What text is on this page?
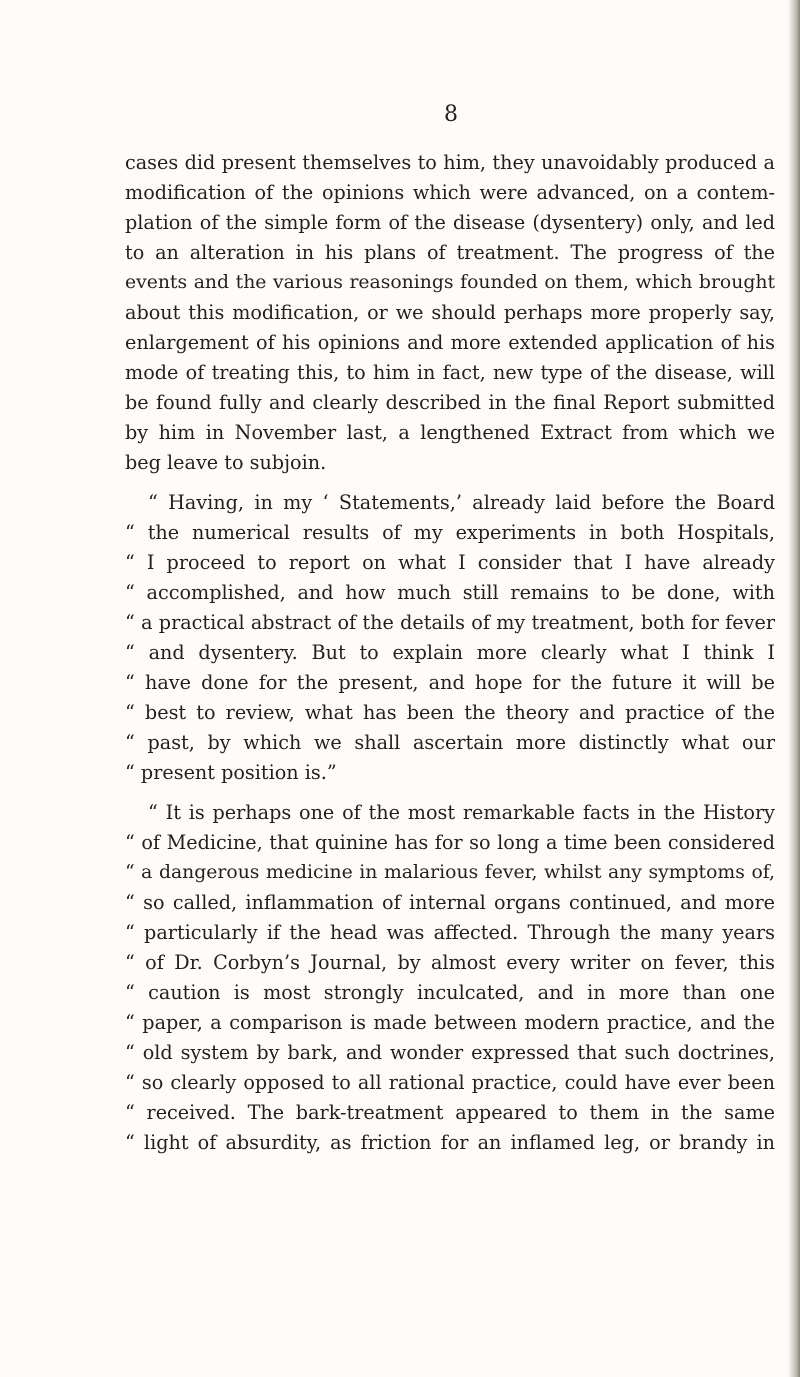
8
cases did present themselves to him, they unavoidably produced a
modification of the opinions which were advanced, on a contem-
plation of the simple form of the disease (dysentery) only, and led
to an alteration in his plans of treatment. The progress of the
events and the various reasonings founded on them, which brought
about this modification, or we should perhaps more properly say,
enlargement of his opinions and more extended application of his
mode of treating this, to him in fact, new type of the disease, will
be found fully and clearly described in the final Report submitted
by him in November last, a lengthened Extract from which we
beg leave to subjoin.
“ Having, in my ‘ Statements,’ already laid before the Board
“ the numerical results of my experiments in both Hospitals,
“ I proceed to report on what I consider that I have already
“ accomplished, and how much still remains to be done, with
“ a practical abstract of the details of my treatment, both for fever
“ and dysentery. But to explain more clearly what I think I
“ have done for the present, and hope for the future it will be
“ best to review, what has been the theory and practice of the
“ past, by which we shall ascertain more distinctly what our
“ present position is.”
“ It is perhaps one of the most remarkable facts in the History
“ of Medicine, that quinine has for so long a time been considered
“ a dangerous medicine in malarious fever, whilst any symptoms of,
“ so called, inflammation of internal organs continued, and more
“ particularly if the head was affected. Through the many years
“ of Dr. Corbyn’s Journal, by almost every writer on fever, this
“ caution is most strongly inculcated, and in more than one
“ paper, a comparison is made between modern practice, and the
“ old system by bark, and wonder expressed that such doctrines,
“ so clearly opposed to all rational practice, could have ever been
“ received. The bark-treatment appeared to them in the same
“ light of absurdity, as friction for an inflamed leg, or brandy in
